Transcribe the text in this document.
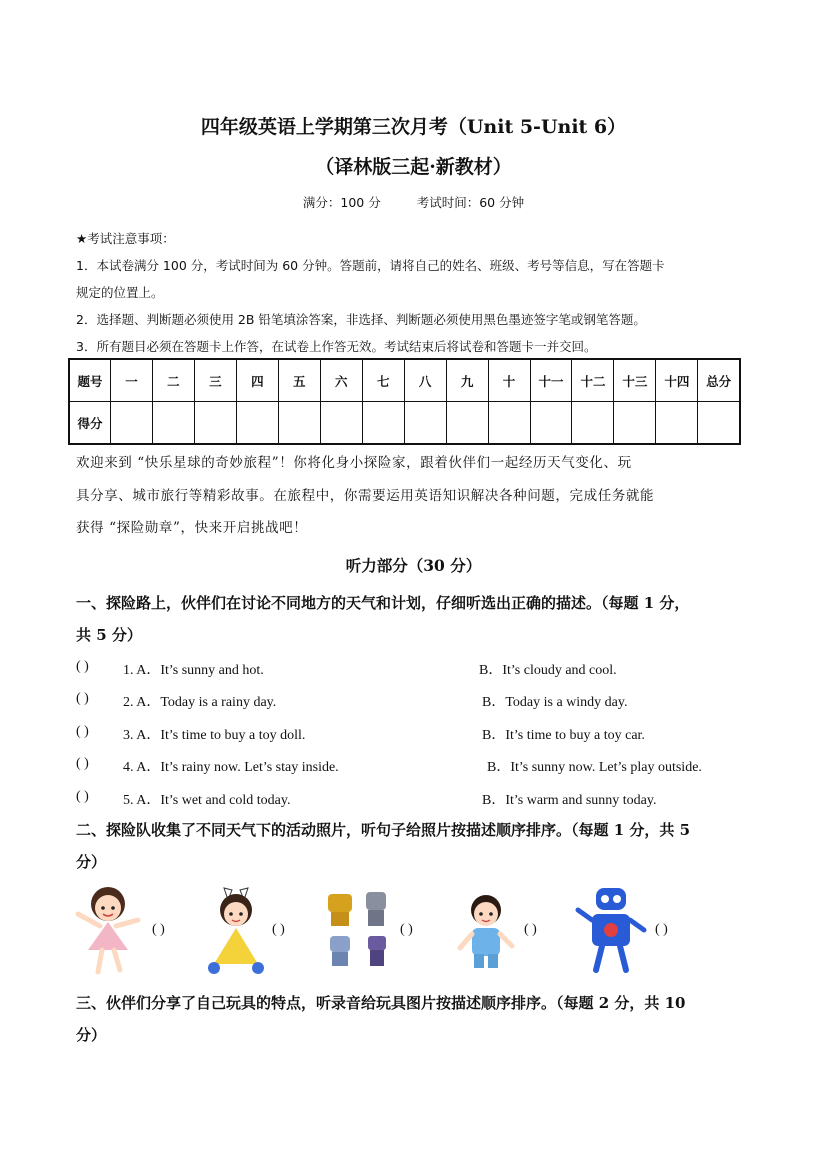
四年级英语上学期第三次月考（Unit 5-Unit 6）
（译林版三起·新教材）
满分：100 分	考试时间：60 分钟
★考试注意事项：
1．本试卷满分 100 分，考试时间为 60 分钟。答题前，请将自己的姓名、班级、考号等信息，写在答题卡
规定的位置上。
2．选择题、判断题必须使用 2B 铅笔填涂答案，非选择、判断题必须使用黑色墨迹签字笔或钢笔答题。
3．所有题目必须在答题卡上作答，在试卷上作答无效。考试结束后将试卷和答题卡一并交回。
题号	一	二	三	四	五	六	七	八	九	十	十一	十二	十三	十四	总分
得分															
欢迎来到 “快乐星球的奇妙旅程”！你将化身小探险家，跟着伙伴们一起经历天气变化、玩
具分享、城市旅行等精彩故事。在旅程中，你需要运用英语知识解决各种问题，完成任务就能
获得 “探险勋章”，快来开启挑战吧！
听力部分（30 分）
一、探险路上，伙伴们在讨论不同地方的天气和计划，仔细听选出正确的描述。（每题 1 分，
共 5 分）
( ) 1. A．It’s sunny and hot.	B．It’s cloudy and cool.
( ) 2. A．Today is a rainy day.	B．Today is a windy day.
( ) 3. A．It’s time to buy a toy doll.	B．It’s time to buy a toy car.
( ) 4. A．It’s rainy now. Let’s stay inside.	B．It’s sunny now. Let’s play outside.
( ) 5. A．It’s wet and cold today.	B．It’s warm and sunny today.
二、探险队收集了不同天气下的活动照片，听句子给照片按描述顺序排序。（每题 1 分，共 5
分）
( )	( )	( )	( )	( )
三、伙伴们分享了自己玩具的特点，听录音给玩具图片按描述顺序排序。（每题 2 分，共 10
分）
